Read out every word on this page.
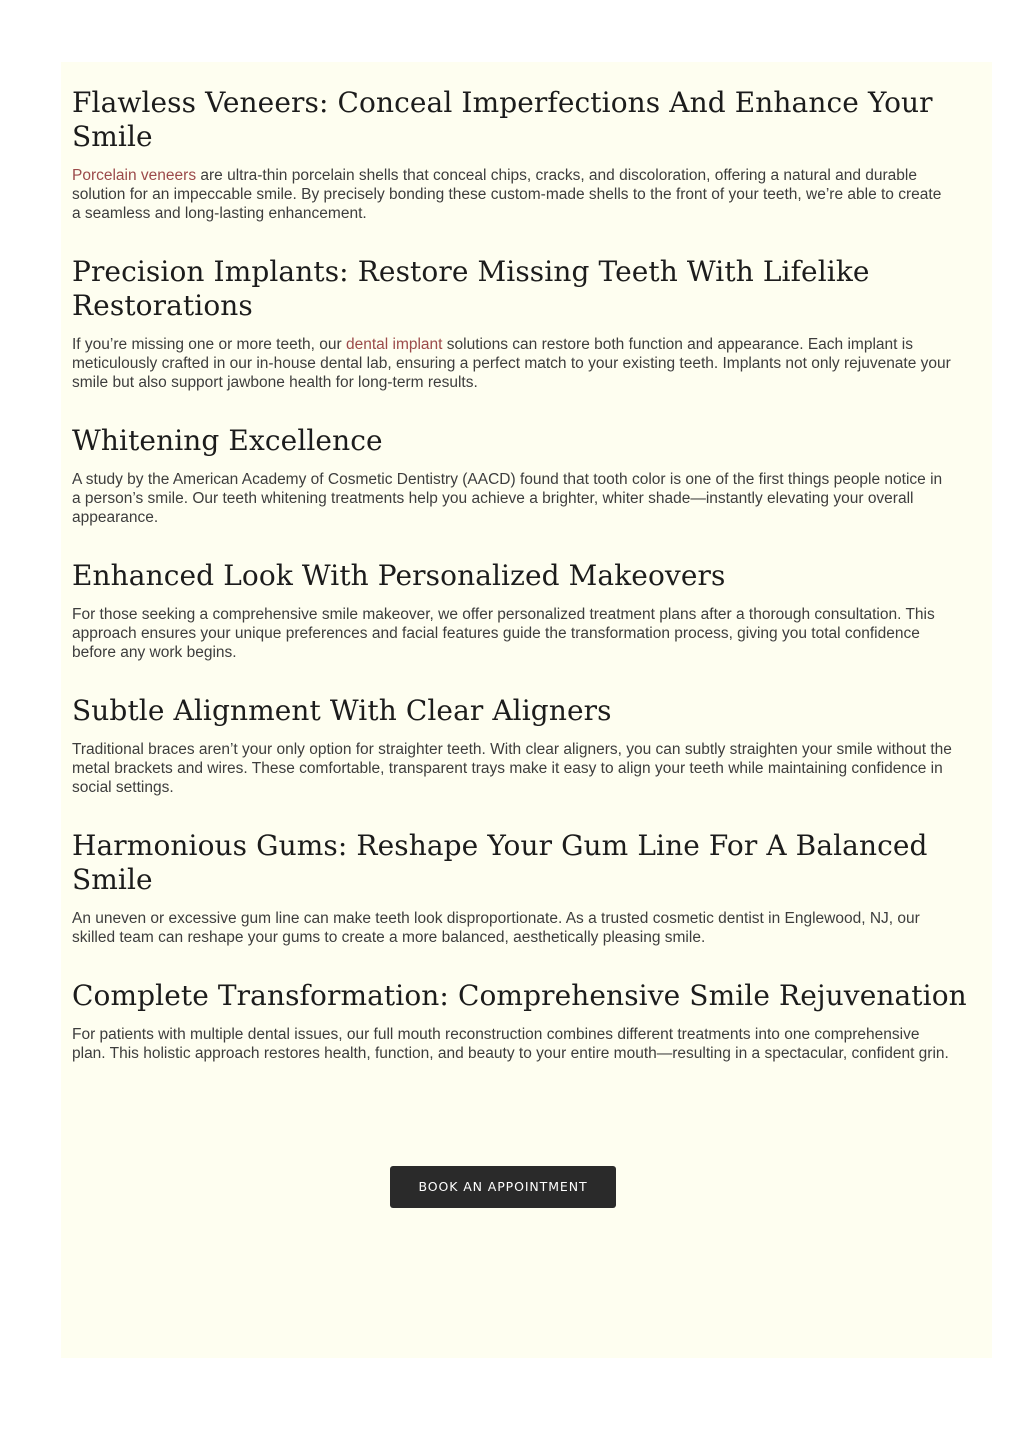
Flawless Veneers: Conceal Imperfections And Enhance Your Smile

Porcelain veneers are ultra-thin porcelain shells that conceal chips, cracks, and discoloration, offering a natural and durable solution for an impeccable smile. By precisely bonding these custom-made shells to the front of your teeth, we’re able to create a seamless and long-lasting enhancement.

Precision Implants: Restore Missing Teeth With Lifelike Restorations

If you’re missing one or more teeth, our dental implant solutions can restore both function and appearance. Each implant is meticulously crafted in our in-house dental lab, ensuring a perfect match to your existing teeth. Implants not only rejuvenate your smile but also support jawbone health for long-term results.

Whitening Excellence

A study by the American Academy of Cosmetic Dentistry (AACD) found that tooth color is one of the first things people notice in a person’s smile. Our teeth whitening treatments help you achieve a brighter, whiter shade—instantly elevating your overall appearance.

Enhanced Look With Personalized Makeovers

For those seeking a comprehensive smile makeover, we offer personalized treatment plans after a thorough consultation. This approach ensures your unique preferences and facial features guide the transformation process, giving you total confidence before any work begins.

Subtle Alignment With Clear Aligners

Traditional braces aren’t your only option for straighter teeth. With clear aligners, you can subtly straighten your smile without the metal brackets and wires. These comfortable, transparent trays make it easy to align your teeth while maintaining confidence in social settings.

Harmonious Gums: Reshape Your Gum Line For A Balanced Smile

An uneven or excessive gum line can make teeth look disproportionate. As a trusted cosmetic dentist in Englewood, NJ, our skilled team can reshape your gums to create a more balanced, aesthetically pleasing smile.

Complete Transformation: Comprehensive Smile Rejuvenation

For patients with multiple dental issues, our full mouth reconstruction combines different treatments into one comprehensive plan. This holistic approach restores health, function, and beauty to your entire mouth—resulting in a spectacular, confident grin.

BOOK AN APPOINTMENT
